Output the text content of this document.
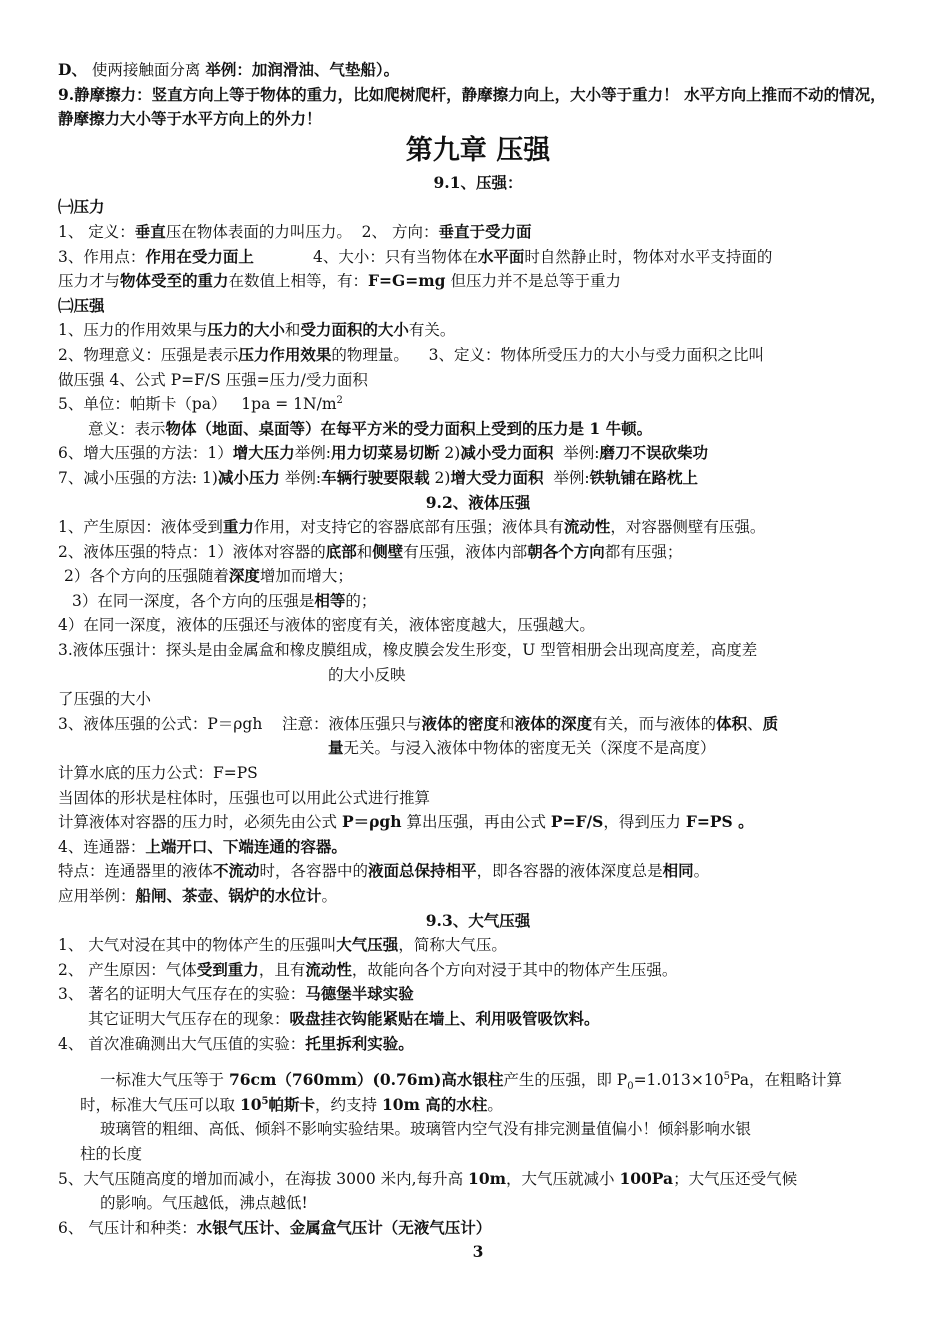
D、 使两接触面分离 举例：加润滑油、气垫船）。
9.静摩擦力：竖直方向上等于物体的重力，比如爬树爬杆，静摩擦力向上，大小等于重力！ 水平方向上推而不动的情况，静摩擦力大小等于水平方向上的外力！
第九章 压强
9.1、压强：
㈠压力
1、 定义：垂直压在物体表面的力叫压力。  2、 方向：垂直于受力面
3、作用点：作用在受力面上            4、大小：只有当物体在水平面时自然静止时，物体对水平支持面的
压力才与物体受至的重力在数值上相等，有：F=G=mg 但压力并不是总等于重力
㈡压强
1、压力的作用效果与压力的大小和受力面积的大小有关。
2、物理意义：压强是表示压力作用效果的物理量。    3、定义：物体所受压力的大小与受力面积之比叫
做压强 4、公式 P=F/S 压强=压力/受力面积
5、单位：帕斯卡（pa）   $1pa = 1N/m^2$
意义：表示物体（地面、桌面等）在每平方米的受力面积上受到的压力是 1 牛顿。
6、增大压强的方法：1）增大压力举例:用力切菜易切断 2)减小受力面积  举例:磨刀不误砍柴功
7、减小压强的方法: 1)减小压力 举例:车辆行驶要限载 2)增大受力面积  举例:铁轨铺在路枕上
9.2、液体压强
1、产生原因：液体受到重力作用，对支持它的容器底部有压强；液体具有流动性，对容器侧壁有压强。
2、液体压强的特点：1）液体对容器的底部和侧壁有压强，液体内部朝各个方向都有压强；
2）各个方向的压强随着深度增加而增大；
3）在同一深度，各个方向的压强是相等的；
4）在同一深度，液体的压强还与液体的密度有关，液体密度越大，压强越大。
3.液体压强计：探头是由金属盒和橡皮膜组成，橡皮膜会发生形变，U 型管相册会出现高度差，高度差
的大小反映
了压强的大小
3、液体压强的公式：P＝ρgh    注意：液体压强只与液体的密度和液体的深度有关，而与液体的体积、质
量无关。与浸入液体中物体的密度无关（深度不是高度）
计算水底的压力公式：F=PS
当固体的形状是柱体时，压强也可以用此公式进行推算
计算液体对容器的压力时，必须先由公式 P＝ρgh 算出压强，再由公式 P=F/S，得到压力 F=PS 。
4、连通器：上端开口、下端连通的容器。
特点：连通器里的液体不流动时，各容器中的液面总保持相平，即各容器的液体深度总是相同。
应用举例：船闸、茶壶、锅炉的水位计。
9.3、大气压强
1、 大气对浸在其中的物体产生的压强叫大气压强，简称大气压。
2、 产生原因：气体受到重力，且有流动性，故能向各个方向对浸于其中的物体产生压强。
3、 著名的证明大气压存在的实验：马德堡半球实验
其它证明大气压存在的现象：吸盘挂衣钩能紧贴在墙上、利用吸管吸饮料。
4、 首次准确测出大气压值的实验：托里拆利实验。
一标准大气压等于 76cm（760mm）(0.76m)高水银柱产生的压强，即 $P_0=1.013\times 10^5Pa$，在粗略计算
时，标准大气压可以取 $10^5$帕斯卡，约支持 10m 高的水柱。
玻璃管的粗细、高低、倾斜不影响实验结果。玻璃管内空气没有排完测量值偏小！倾斜影响水银
柱的长度
5、大气压随高度的增加而减小，在海拔 3000 米内,每升高 10m，大气压就减小 100Pa；大气压还受气候
的影响。气压越低，沸点越低!
6、 气压计和种类：水银气压计、金属盒气压计（无液气压计）
3
